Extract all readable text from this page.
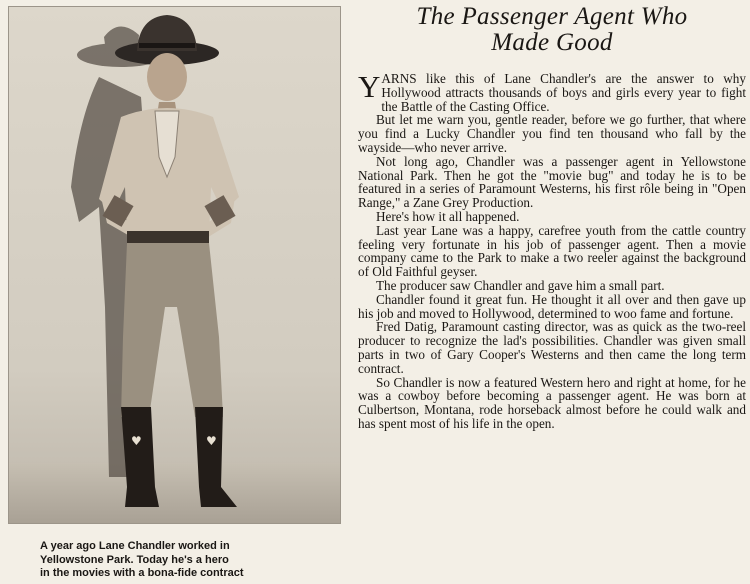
♥	♥
A year ago Lane Chandler worked in
Yellowstone Park. Today he's a hero
in the movies with a bona-fide contract
The Passenger Agent Who
Made Good

YARNS like this of Lane Chandler's are the answer to why Hollywood attracts thousands of boys and girls every year to fight the Battle of the Casting Office.

But let me warn you, gentle reader, before we go further, that where you find a Lucky Chandler you find ten thousand who fall by the wayside—who never arrive.

Not long ago, Chandler was a passenger agent in Yellowstone National Park. Then he got the "movie bug" and today he is to be featured in a series of Paramount Westerns, his first rôle being in "Open Range," a Zane Grey Production.

Here's how it all happened.

Last year Lane was a happy, carefree youth from the cattle country feeling very fortunate in his job of passenger agent. Then a movie company came to the Park to make a two reeler against the background of Old Faithful geyser.

The producer saw Chandler and gave him a small part.

Chandler found it great fun. He thought it all over and then gave up his job and moved to Hollywood, determined to woo fame and fortune.

Fred Datig, Paramount casting director, was as quick as the two-reel producer to recognize the lad's possibilities. Chandler was given small parts in two of Gary Cooper's Westerns and then came the long term contract.

So Chandler is now a featured Western hero and right at home, for he was a cowboy before becoming a passenger agent. He was born at Culbertson, Montana, rode horseback almost before he could walk and has spent most of his life in the open.
